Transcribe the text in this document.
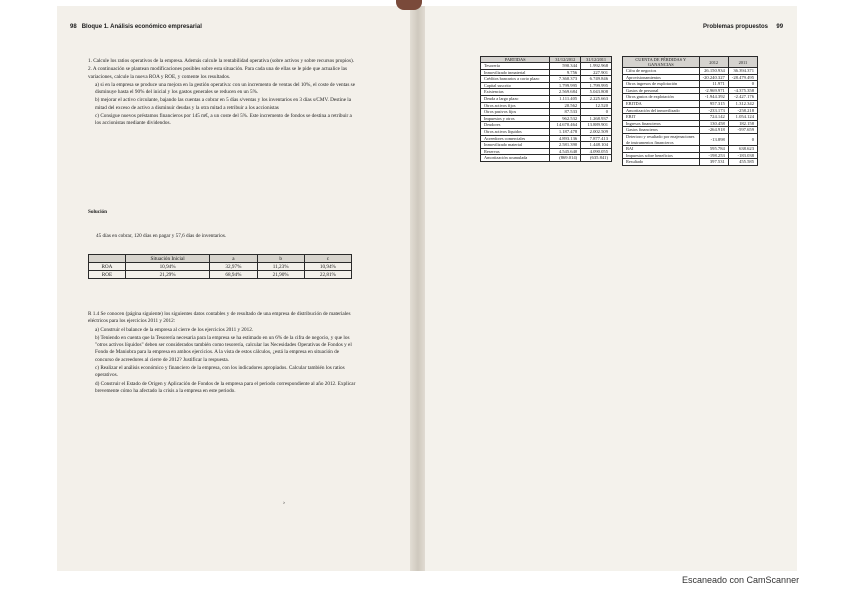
98 Bloque 1. Análisis económico empresarial	Problemas propuestos 99

1. Calcule los ratios operativos de la empresa. Además calcule la rentabilidad operativa (sobre activos y sobre recursos propios).

2. A continuación se plantean modificaciones posibles sobre esta situación. Para cada una de ellas se le pide que actualice las variaciones, calcule la nueva ROA y ROE, y comente los resultados.

a) si en la empresa se produce una mejora en la gestión operativa: con un incremento de ventas del 10%, el coste de ventas se disminuye hasta el 90% del inicial y los gastos generales se reducen en un 5%.

b) mejorar el activo circulante, bajando las cuentas a cobrar en 5 días s/ventas y los inventarios en 3 días s/CMV. Destine la mitad del exceso de activo a disminuir deudas y la otra mitad a retribuir a los accionistas

c) Consigue nuevos préstamos financieros por 145 m€, a un coste del 5%. Este incremento de fondos se destina a retribuir a los accionistas mediante dividendos.

Solución
45 días en cobrar, 120 días en pagar y 57,6 días de inventarios.
	Situación Inicial	a	b	c
ROA	10,94%	32,97%	11,23%	10,94%
ROE	21,29%	68,94%	21,90%	22,81%

R 1.4 Se conocen (página siguiente) los siguientes datos contables y de resultado de una empresa de distribución de materiales eléctricos para los ejercicios 2011 y 2012:

a) Construir el balance de la empresa al cierre de los ejercicios 2011 y 2012.

b) Teniendo en cuenta que la Tesorería necesaria para la empresa se ha estimado en un 6% de la cifra de negocio, y que los "otros activos líquidos" deben ser considerados también como tesorería, calcular las Necesidades Operativas de Fondos y el Fondo de Maniobra para la empresa en ambos ejercicios. A la vista de estos cálculos, ¿está la empresa en situación de concurso de acreedores al cierre de 2012? Justificar la respuesta.

c) Realizar el análisis económico y financiero de la empresa, con los indicadores apropiados. Calcular también los ratios operativos.

d) Construir el Estado de Origen y Aplicación de Fondos de la empresa para el periodo correspondiente al año 2012. Explicar brevemente cómo ha afectado la crisis a la empresa en este periodo.

›
PARTIDAS	31/12/2012	31/12/2011
Tesorería	590.344	1.992.968
Inmovilizado inmaterial	9.756	227.901
Créditos bancarios a corto plazo	7.360.373	6.749.846
Capital suscrito	1.799.995	1.799.995
Existencias	2.569.684	5.043.808
Deuda a largo plazo	1.111.405	2.225.663
Otros activos fijos	20.562	12.520
Otros pasivos fijos	87.533	0
Impuestos y otros	962.532	1.268.937
Deudores	14.670.464	13.889.901
Otros activos líquidos	1.187.478	2.002.509
Acreedores comerciales	4.893.136	7.877.413
Inmovilizado material	2.581.390	1.448.104
Reservas	4.545.640	4.090.055
Amortización acumulada	(869.014)	(635.841)
CUENTA DE PÉRDIDAS Y GANANCIAS	2012	2011
Cifra de negocios	26.150.934	36.394.371
Aprovisionamientos	-20.240.327	-28.479.495
Otros ingresos de explotación	11.971	0
Gastos de personal	-2.969.971	-4.375.358
Otros gastos de explotación	-1.944.392	-2.427.176
EBITDA	957.315	1.312.342
Amortización del inmovilizado	-233.173	-258.218
EBIT	724.142	1.054.124
Ingresos financieros	130.458	182.158
Gastos financieros	-264.918	-597.659
Deterioro y resultado por enajenaciones de instrumentos financieros	-13.898	0
BAI	595.784	638.623
Impuestos sobre beneficios	-198.253	-183.038
Resultado	397.531	455.585
Escaneado con CamScanner
